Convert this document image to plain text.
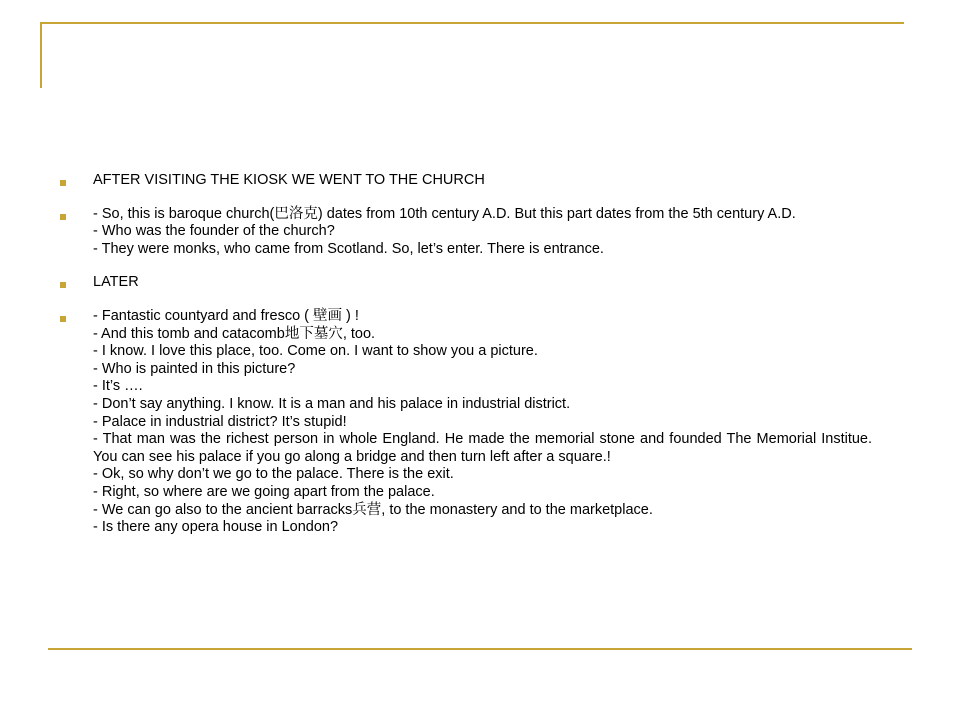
AFTER VISITING THE KIOSK WE WENT TO THE CHURCH
- So, this is baroque church(巴洛克) dates from 10th century A.D. But this part dates from the 5th century A.D.
- Who was the founder of the church?
- They were monks, who came from Scotland. So, let’s enter. There is entrance.
LATER
- Fantastic countyard and fresco ( 壁画 ) !
- And this tomb and catacomb地下墓穴, too.
- I know. I love this place, too. Come on. I want to show you a picture.
- Who is painted in this picture?
- It’s ….
- Don’t say anything. I know. It is a man and his palace in industrial district.
- Palace in industrial district? It’s stupid!
- That man was the richest person in whole England. He made the memorial stone and founded The Memorial Institue. You can see his palace if you go along a bridge and then turn left after a square.!
- Ok, so why don’t we go to the palace. There is the exit.
- Right, so where are we going apart from the palace.
- We can go also to the ancient barracks兵营, to the monastery and to the marketplace.
- Is there any opera house in London?
